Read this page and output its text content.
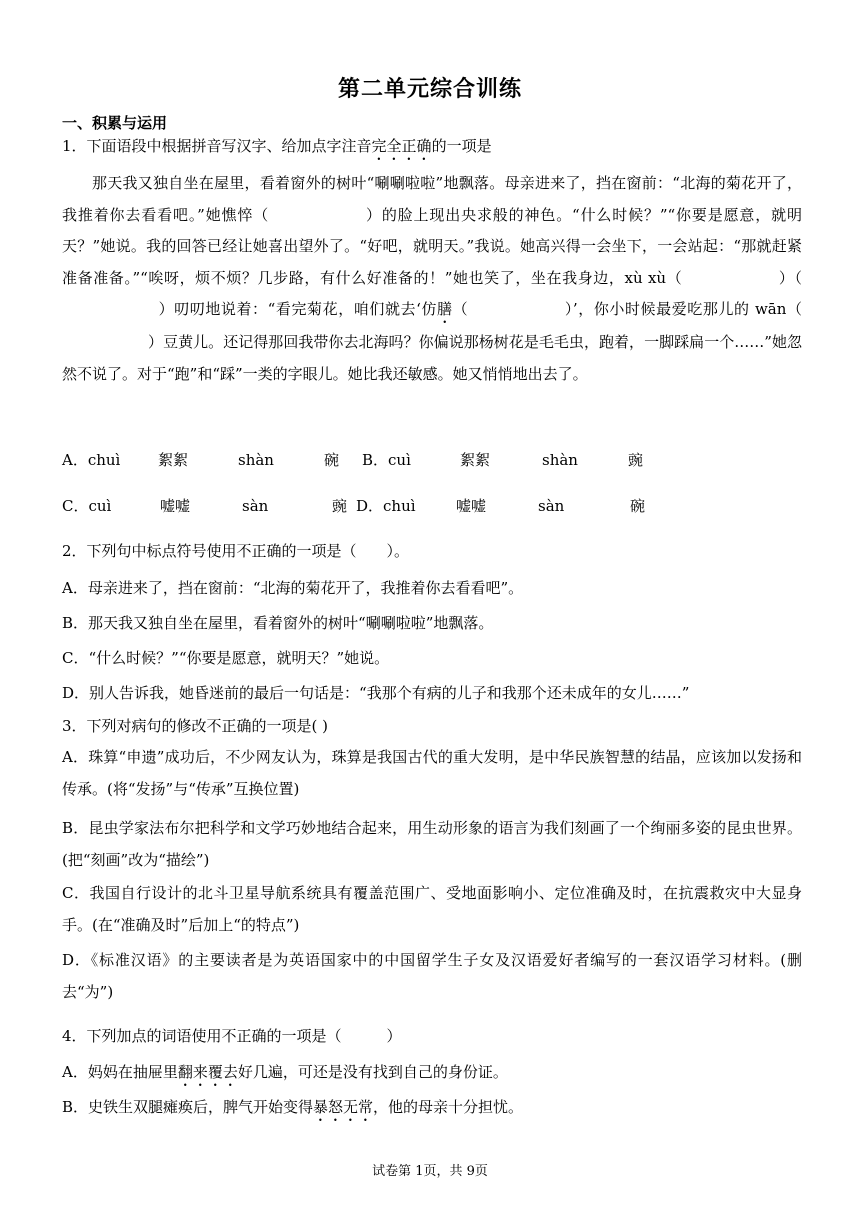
第二单元综合训练
一、积累与运用
1．下面语段中根据拼音写汉字、给加点字注音完全正确的一项是
那天我又独自坐在屋里，看着窗外的树叶“唰唰啦啦”地飘落。母亲进来了，挡在窗前：“北海的菊花开了，我推着你去看看吧。”她憔悴（	）的脸上现出央求般的神色。“什么时候？”“你要是愿意，就明天？”她说。我的回答已经让她喜出望外了。“好吧，就明天。”我说。她高兴得一会坐下，一会站起：“那就赶紧准备准备。”“唉呀，烦不烦？几步路，有什么好准备的！”她也笑了，坐在我身边，xù xù（	）（）叨叨地说着：“看完菊花，咱们就去‘仿膳（	）’，你小时候最爱吃那儿的 wān（）豆黄儿。还记得那回我带你去北海吗？你偏说那杨树花是毛毛虫，跑着，一脚踩扁一个……”她忽然不说了。对于“跑”和“踩”一类的字眼儿。她比我还敏感。她又悄悄地出去了。
A．chuì	絮絮	shàn	碗 B．cuì	絮絮	shàn	豌
C．cuì	嘘嘘	sàn	豌 D．chuì	嘘嘘	sàn	碗
2．下列句中标点符号使用不正确的一项是（　　）。
A．母亲进来了，挡在窗前：“北海的菊花开了，我推着你去看看吧”。
B．那天我又独自坐在屋里，看着窗外的树叶“唰唰啦啦”地飘落。
C．“什么时候？”“你要是愿意，就明天？”她说。
D．别人告诉我，她昏迷前的最后一句话是：“我那个有病的儿子和我那个还未成年的女儿……”
3．下列对病句的修改不正确的一项是( )
A．珠算“申遗”成功后，不少网友认为，珠算是我国古代的重大发明，是中华民族智慧的结晶，应该加以发扬和传承。(将“发扬”与“传承”互换位置)
B．昆虫学家法布尔把科学和文学巧妙地结合起来，用生动形象的语言为我们刻画了一个绚丽多姿的昆虫世界。(把“刻画”改为“描绘”)
C．我国自行设计的北斗卫星导航系统具有覆盖范围广、受地面影响小、定位准确及时，在抗震救灾中大显身手。(在“准确及时”后加上“的特点”)
D．《标准汉语》的主要读者是为英语国家中的中国留学生子女及汉语爱好者编写的一套汉语学习材料。(删去“为”)
4．下列加点的词语使用不正确的一项是（　　　）
A．妈妈在抽屉里翻来覆去好几遍，可还是没有找到自己的身份证。
B．史铁生双腿瘫痪后，脾气开始变得暴怒无常，他的母亲十分担忧。
试卷第 1页，共 9页
